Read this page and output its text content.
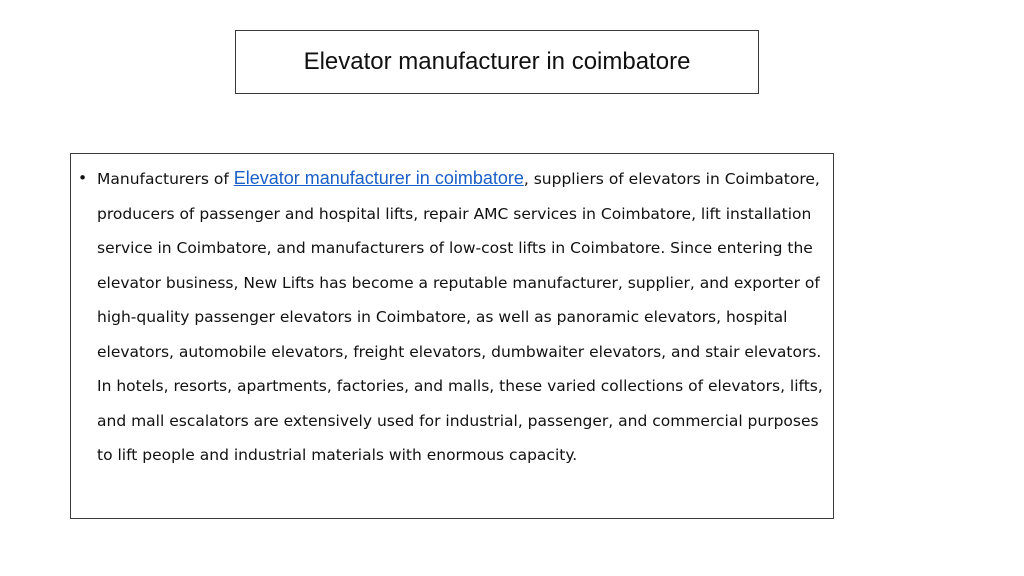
Elevator manufacturer in coimbatore
• Manufacturers of Elevator manufacturer in coimbatore, suppliers of elevators in Coimbatore, producers of passenger and hospital lifts, repair AMC services in Coimbatore, lift installation service in Coimbatore, and manufacturers of low-cost lifts in Coimbatore. Since entering the elevator business, New Lifts has become a reputable manufacturer, supplier, and exporter of high-quality passenger elevators in Coimbatore, as well as panoramic elevators, hospital elevators, automobile elevators, freight elevators, dumbwaiter elevators, and stair elevators. In hotels, resorts, apartments, factories, and malls, these varied collections of elevators, lifts, and mall escalators are extensively used for industrial, passenger, and commercial purposes to lift people and industrial materials with enormous capacity.
